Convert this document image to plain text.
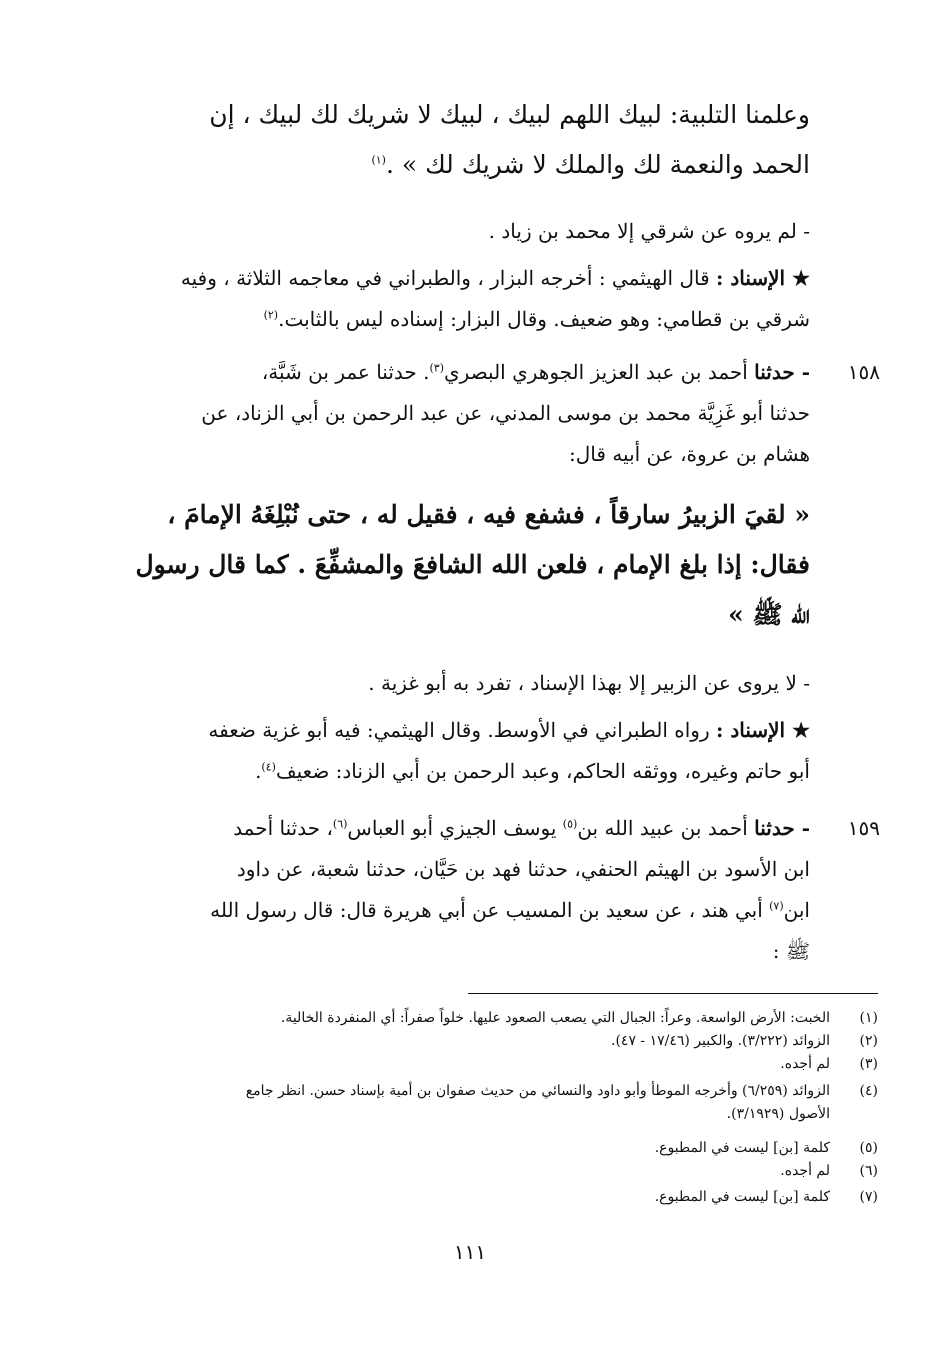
وعلمنا التلبية: لبيك اللهم لبيك ، لبيك لا شريك لك لبيك ، إن
الحمد والنعمة لك والملك لا شريك لك » .$^{(١)}$
- لم يروه عن شرقي إلا محمد بن زياد .
★ الإسناد : قال الهيثمي : أخرجه البزار ، والطبراني في معاجمه الثلاثة ، وفيه
شرقي بن قطامي: وهو ضعيف. وقال البزار: إسناده ليس بالثابت.$^{(٢)}$
١٥٨
- حدثنا أحمد بن عبد العزيز الجوهري البصري$^{(٣)}$. حدثنا عمر بن شَبَّة،
حدثنا أبو غَزِيَّة محمد بن موسى المدني، عن عبد الرحمن بن أبي الزناد، عن
هشام بن عروة، عن أبيه قال:
« لقيَ الزبيرُ سارقاً ، فشفع فيه ، فقيل له ، حتى نُبْلِغَهُ الإمامَ ،
فقال: إذا بلغ الإمام ، فلعن الله الشافعَ والمشفِّعَ . كما قال رسول
الله ﷺ »
- لا يروى عن الزبير إلا بهذا الإسناد ، تفرد به أبو غزية .
★ الإسناد : رواه الطبراني في الأوسط. وقال الهيثمي: فيه أبو غزية ضعفه
أبو حاتم وغيره، ووثقه الحاكم، وعبد الرحمن بن أبي الزناد: ضعيف$^{(٤)}$.
١٥٩
- حدثنا أحمد بن عبيد الله بن$^{(٥)}$ يوسف الجيزي أبو العباس$^{(٦)}$، حدثنا أحمد
ابن الأسود بن الهيثم الحنفي، حدثنا فهد بن حَيَّان، حدثنا شعبة، عن داود
ابن$^{(٧)}$ أبي هند ، عن سعيد بن المسيب عن أبي هريرة قال: قال رسول الله
ﷺ :
(١)
الخبت: الأرض الواسعة. وعراً: الجبال التي يصعب الصعود عليها. خلواً صفراً: أي المنفردة الخالية.
(٢)
الزوائد (٣/٢٢٢). والكبير (١٧/٤٦ - ٤٧).
(٣)
لم أجده.
(٤)
الزوائد (٦/٢٥٩) وأخرجه الموطأ وأبو داود والنسائي من حديث صفوان بن أمية بإسناد حسن. انظر جامع
الأصول (٣/١٩٢٩).
(٥)
كلمة [بن] ليست في المطبوع.
(٦)
لم أجده.
(٧)
كلمة [بن] ليست في المطبوع.
١١١
